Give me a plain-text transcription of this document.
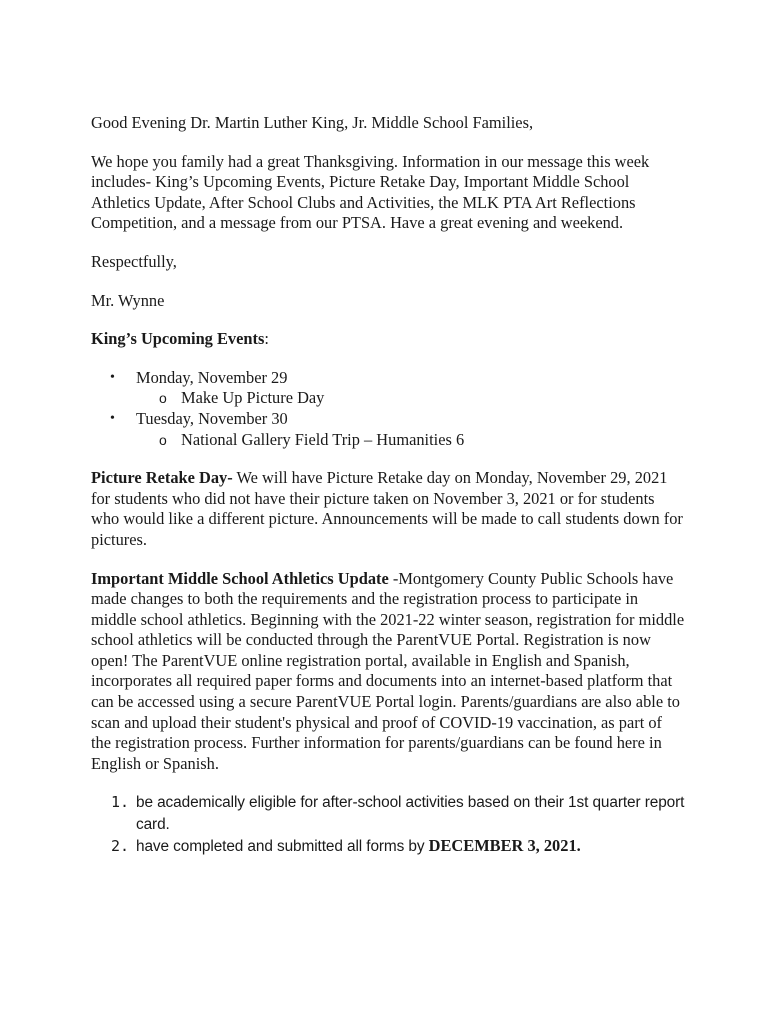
Good Evening Dr. Martin Luther King, Jr. Middle School Families,

We hope you family had a great Thanksgiving. Information in our message this week includes- King’s Upcoming Events, Picture Retake Day, Important Middle School Athletics Update, After School Clubs and Activities, the MLK PTA Art Reflections Competition, and a message from our PTSA. Have a great evening and weekend.

Respectfully,

Mr. Wynne

King’s Upcoming Events:

• Monday, November 29
o Make Up Picture Day
• Tuesday, November 30
o National Gallery Field Trip – Humanities 6

Picture Retake Day- We will have Picture Retake day on Monday, November 29, 2021 for students who did not have their picture taken on November 3, 2021 or for students who would like a different picture. Announcements will be made to call students down for pictures.

Important Middle School Athletics Update -Montgomery County Public Schools have made changes to both the requirements and the registration process to participate in middle school athletics. Beginning with the 2021-22 winter season, registration for middle school athletics will be conducted through the ParentVUE Portal. Registration is now open! The ParentVUE online registration portal, available in English and Spanish, incorporates all required paper forms and documents into an internet-based platform that can be accessed using a secure ParentVUE Portal login. Parents/guardians are also able to scan and upload their student's physical and proof of COVID-19 vaccination, as part of the registration process. Further information for parents/guardians can be found here in English or Spanish.

1. be academically eligible for after-school activities based on their 1st quarter report card.
2. have completed and submitted all forms by DECEMBER 3, 2021.
